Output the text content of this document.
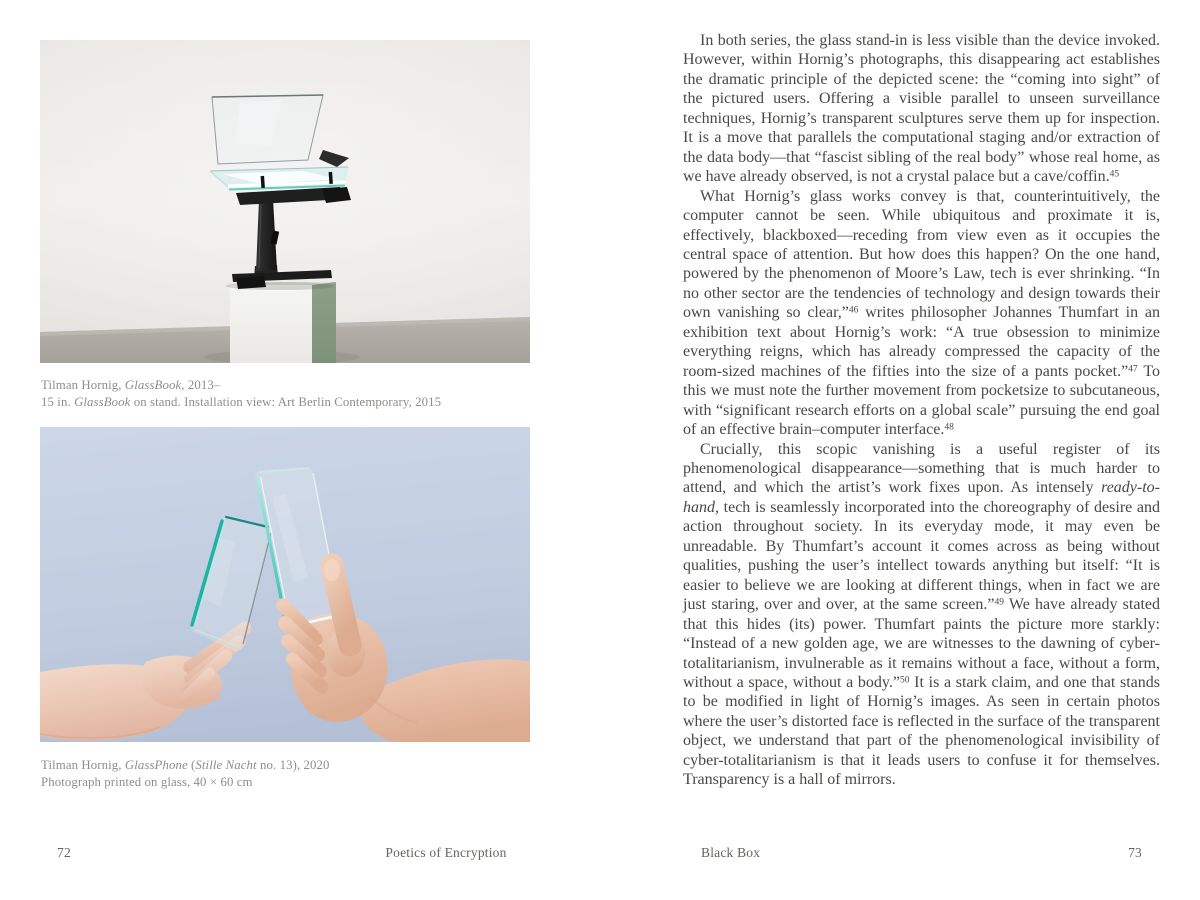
Tilman Hornig, GlassBook, 2013–
15 in. GlassBook on stand. Installation view: Art Berlin Contemporary, 2015
Tilman Hornig, GlassPhone (Stille Nacht no. 13), 2020
Photograph printed on glass, 40 × 60 cm
72	Poetics of Encryption

In both series, the glass stand-in is less visible than the device invoked. However, within Hornig’s photographs, this disappearing act establishes the dramatic principle of the depicted scene: the “coming into sight” of the pictured users. Offering a visible parallel to unseen surveillance techniques, Hornig’s transparent sculptures serve them up for inspection. It is a move that parallels the computational staging and/or extraction of the data body—that “fascist sibling of the real body” whose real home, as we have already observed, is not a crystal palace but a cave/coffin.$^{45}$

What Hornig’s glass works convey is that, counterintuitively, the computer cannot be seen. While ubiquitous and proximate it is, effectively, blackboxed—receding from view even as it occupies the central space of attention. But how does this happen? On the one hand, powered by the phenomenon of Moore’s Law, tech is ever shrinking. “In no other sector are the tendencies of technology and design towards their own vanishing so clear,”$^{46}$ writes philosopher Johannes Thumfart in an exhibition text about Hornig’s work: “A true obsession to minimize everything reigns, which has already compressed the capacity of the room-sized machines of the fifties into the size of a pants pocket.”$^{47}$ To this we must note the further movement from pocketsize to subcutaneous, with “significant research efforts on a global scale” pursuing the end goal of an effective brain–computer interface.$^{48}$

Crucially, this scopic vanishing is a useful register of its phenomenological disappearance—something that is much harder to attend, and which the artist’s work fixes upon. As intensely ready-to-hand, tech is seamlessly incorporated into the choreography of desire and action throughout society. In its everyday mode, it may even be unreadable. By Thumfart’s account it comes across as being without qualities, pushing the user’s intellect towards anything but itself: “It is easier to believe we are looking at different things, when in fact we are just staring, over and over, at the same screen.”$^{49}$ We have already stated that this hides (its) power. Thumfart paints the picture more starkly: “Instead of a new golden age, we are witnesses to the dawning of cyber-totalitarianism, invulnerable as it remains without a face, without a form, without a space, without a body.”$^{50}$ It is a stark claim, and one that stands to be modified in light of Hornig’s images. As seen in certain photos where the user’s distorted face is reflected in the surface of the transparent object, we understand that part of the phenomenological invisibility of cyber-totalitarianism is that it leads users to confuse it for themselves. Transparency is a hall of mirrors.

Black Box	73
